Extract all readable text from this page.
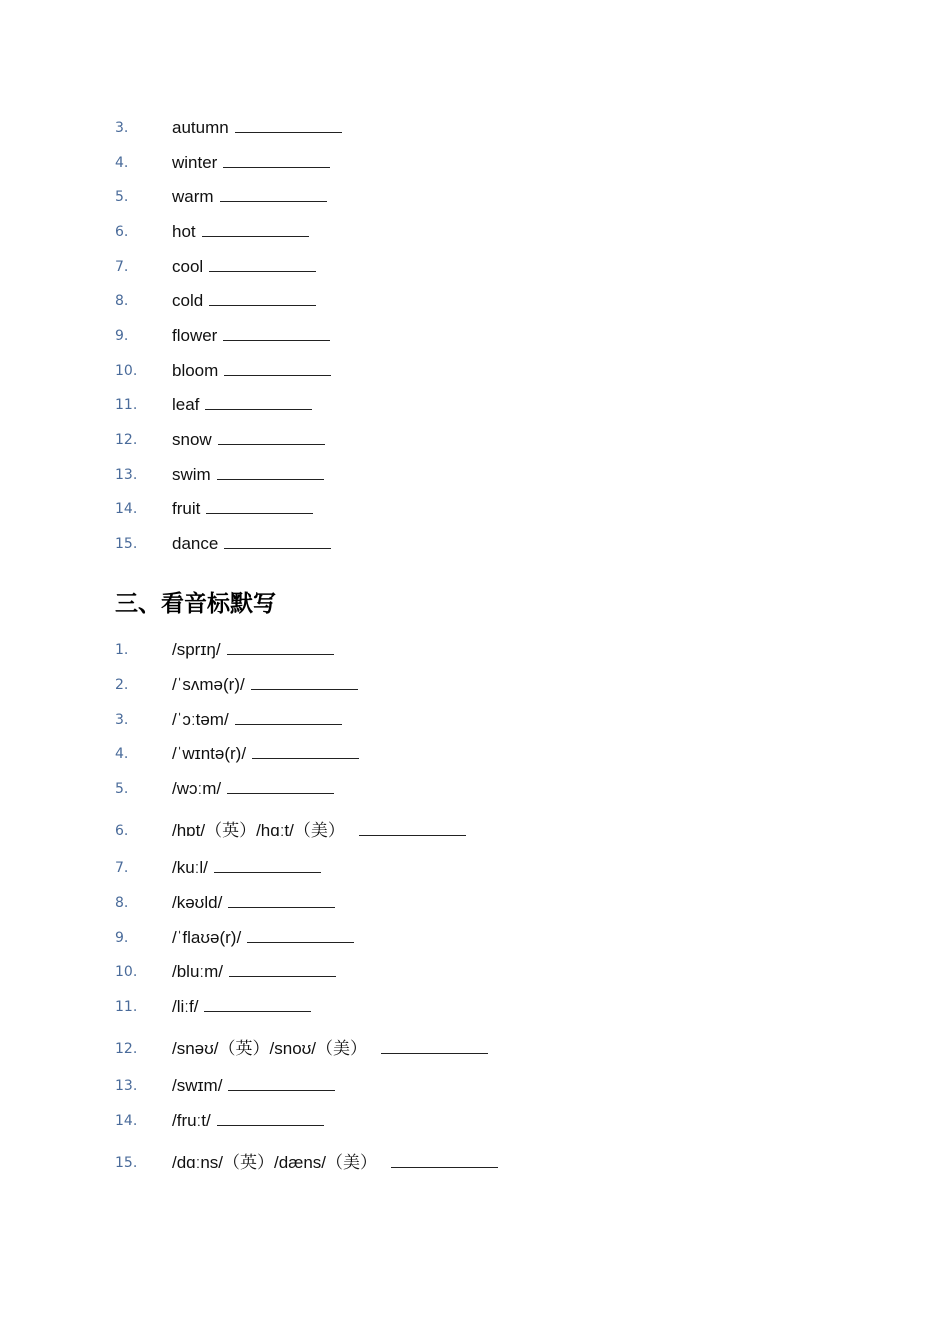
3.	autumn
4.	winter
5.	warm
6.	hot
7.	cool
8.	cold
9.	flower
10. bloom
11. leaf
12. snow
13. swim
14. fruit
15. dance
三、看音标默写
1.	/sprɪŋ/
2.	/ˈsʌmə(r)/
3.	/ˈɔːtəm/
4.	/ˈwɪntə(r)/
5.	/wɔːm/
6.	/hɒt/（英）/hɑːt/（美）
7.	/kuːl/
8.	/kəʊld/
9.	/ˈflaʊə(r)/
10. /bluːm/
11. /liːf/
12. /snəʊ/（英）/snoʊ/（美）
13. /swɪm/
14. /fruːt/
15. /dɑːns/（英）/dæns/（美）
